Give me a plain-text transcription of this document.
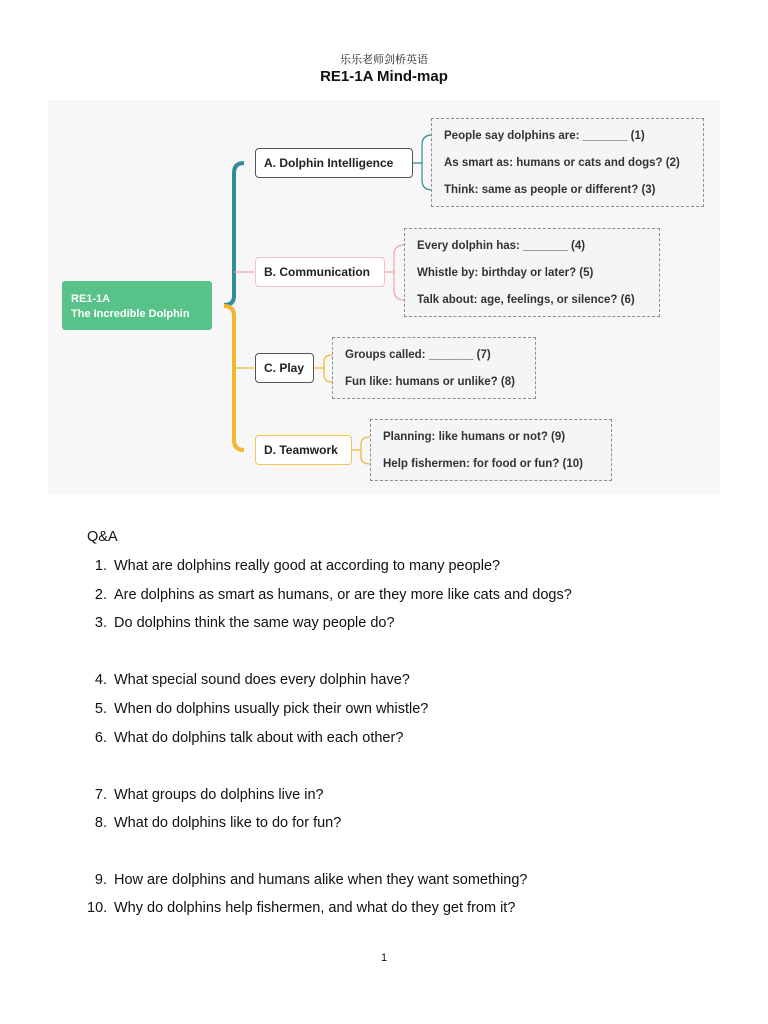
乐乐老师剑桥英语
RE1-1A Mind-map
RE1-1A
The Incredible Dolphin
A. Dolphin Intelligence
B. Communication
C. Play
D. Teamwork
People say dolphins are: _______ (1)
As smart as: humans or cats and dogs? (2)
Think: same as people or different? (3)
Every dolphin has: _______ (4)
Whistle by: birthday or later? (5)
Talk about: age, feelings, or silence? (6)
Groups called: _______ (7)
Fun like: humans or unlike? (8)
Planning: like humans or not? (9)
Help fishermen: for food or fun? (10)
Q&A
1. What are dolphins really good at according to many people?
2. Are dolphins as smart as humans, or are they more like cats and dogs?
3. Do dolphins think the same way people do?
4. What special sound does every dolphin have?
5. When do dolphins usually pick their own whistle?
6. What do dolphins talk about with each other?
7. What groups do dolphins live in?
8. What do dolphins like to do for fun?
9. How are dolphins and humans alike when they want something?
10. Why do dolphins help fishermen, and what do they get from it?
1
